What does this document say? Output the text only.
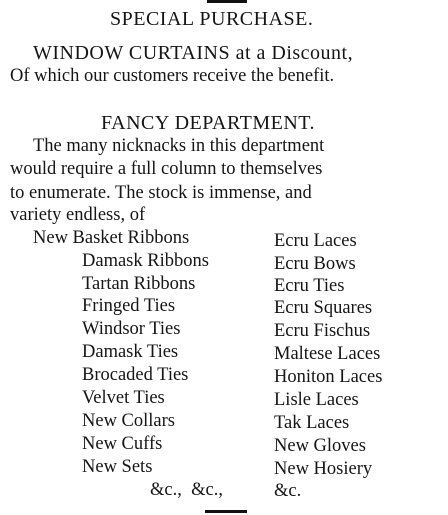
SPECIAL PURCHASE.
WINDOW CURTAINS at a Discount,
Of which our customers receive the benefit.
FANCY DEPARTMENT.
The many nicknacks in this department
would require a full column to themselves
to enumerate. The stock is immense, and
variety endless, of
New Basket Ribbons
Damask Ribbons
Tartan Ribbons
Fringed Ties
Windsor Ties
Damask Ties
Brocaded Ties
Velvet Ties
New Collars
New Cuffs
New Sets
&c.,  &c.,
Ecru Laces
Ecru Bows
Ecru Ties
Ecru Squares
Ecru Fischus
Maltese Laces
Honiton Laces
Lisle Laces
Tak Laces
New Gloves
New Hosiery
&c.
